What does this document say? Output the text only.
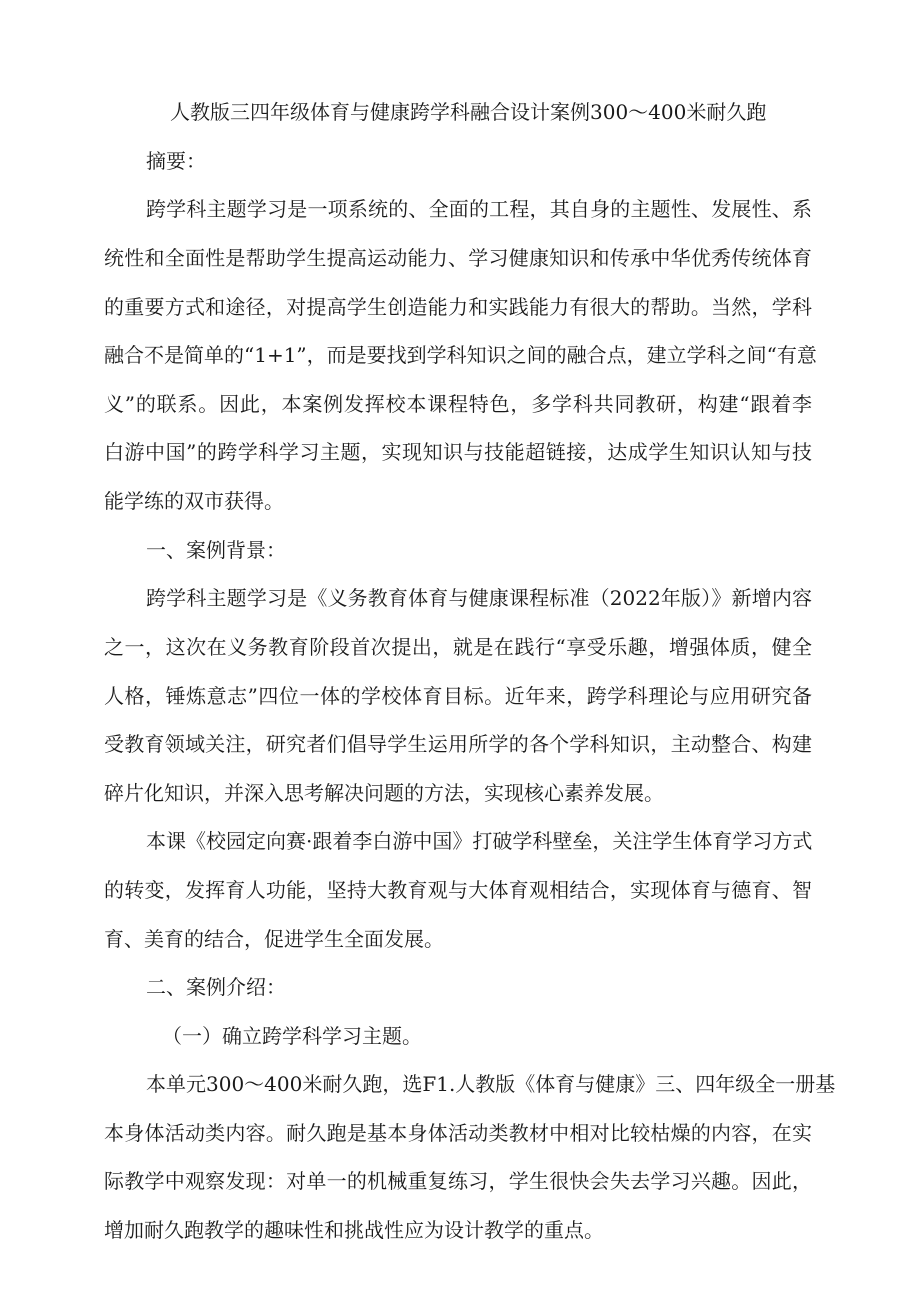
人教版三四年级体育与健康跨学科融合设计案例300～400米耐久跑
摘要：
跨学科主题学习是一项系统的、全面的工程，其自身的主题性、发展性、系
统性和全面性是帮助学生提高运动能力、学习健康知识和传承中华优秀传统体育
的重要方式和途径，对提高学生创造能力和实践能力有很大的帮助。当然，学科
融合不是简单的“1+1”，而是要找到学科知识之间的融合点，建立学科之间“有意
义”的联系。因此，本案例发挥校本课程特色，多学科共同教研，构建“跟着李
白游中国”的跨学科学习主题，实现知识与技能超链接，达成学生知识认知与技
能学练的双市获得。
一、案例背景：
跨学科主题学习是《义务教育体育与健康课程标准（2022年版）》新增内容
之一，这次在义务教育阶段首次提出，就是在践行“享受乐趣，增强体质，健全
人格，锤炼意志”四位一体的学校体育目标。近年来，跨学科理论与应用研究备
受教育领域关注，研究者们倡导学生运用所学的各个学科知识，主动整合、构建
碎片化知识，并深入思考解决问题的方法，实现核心素养发展。
本课《校园定向赛·跟着李白游中国》打破学科壁垒，关注学生体育学习方式
的转变，发挥育人功能，坚持大教育观与大体育观相结合，实现体育与德育、智
育、美育的结合，促进学生全面发展。
二、案例介绍：
（一）确立跨学科学习主题。
本单元300～400米耐久跑，选F1.人教版《体育与健康》三、四年级全一册基
本身体活动类内容。耐久跑是基本身体活动类教材中相对比较枯燥的内容，在实
际教学中观察发现：对单一的机械重复练习，学生很快会失去学习兴趣。因此，
增加耐久跑教学的趣味性和挑战性应为设计教学的重点。
